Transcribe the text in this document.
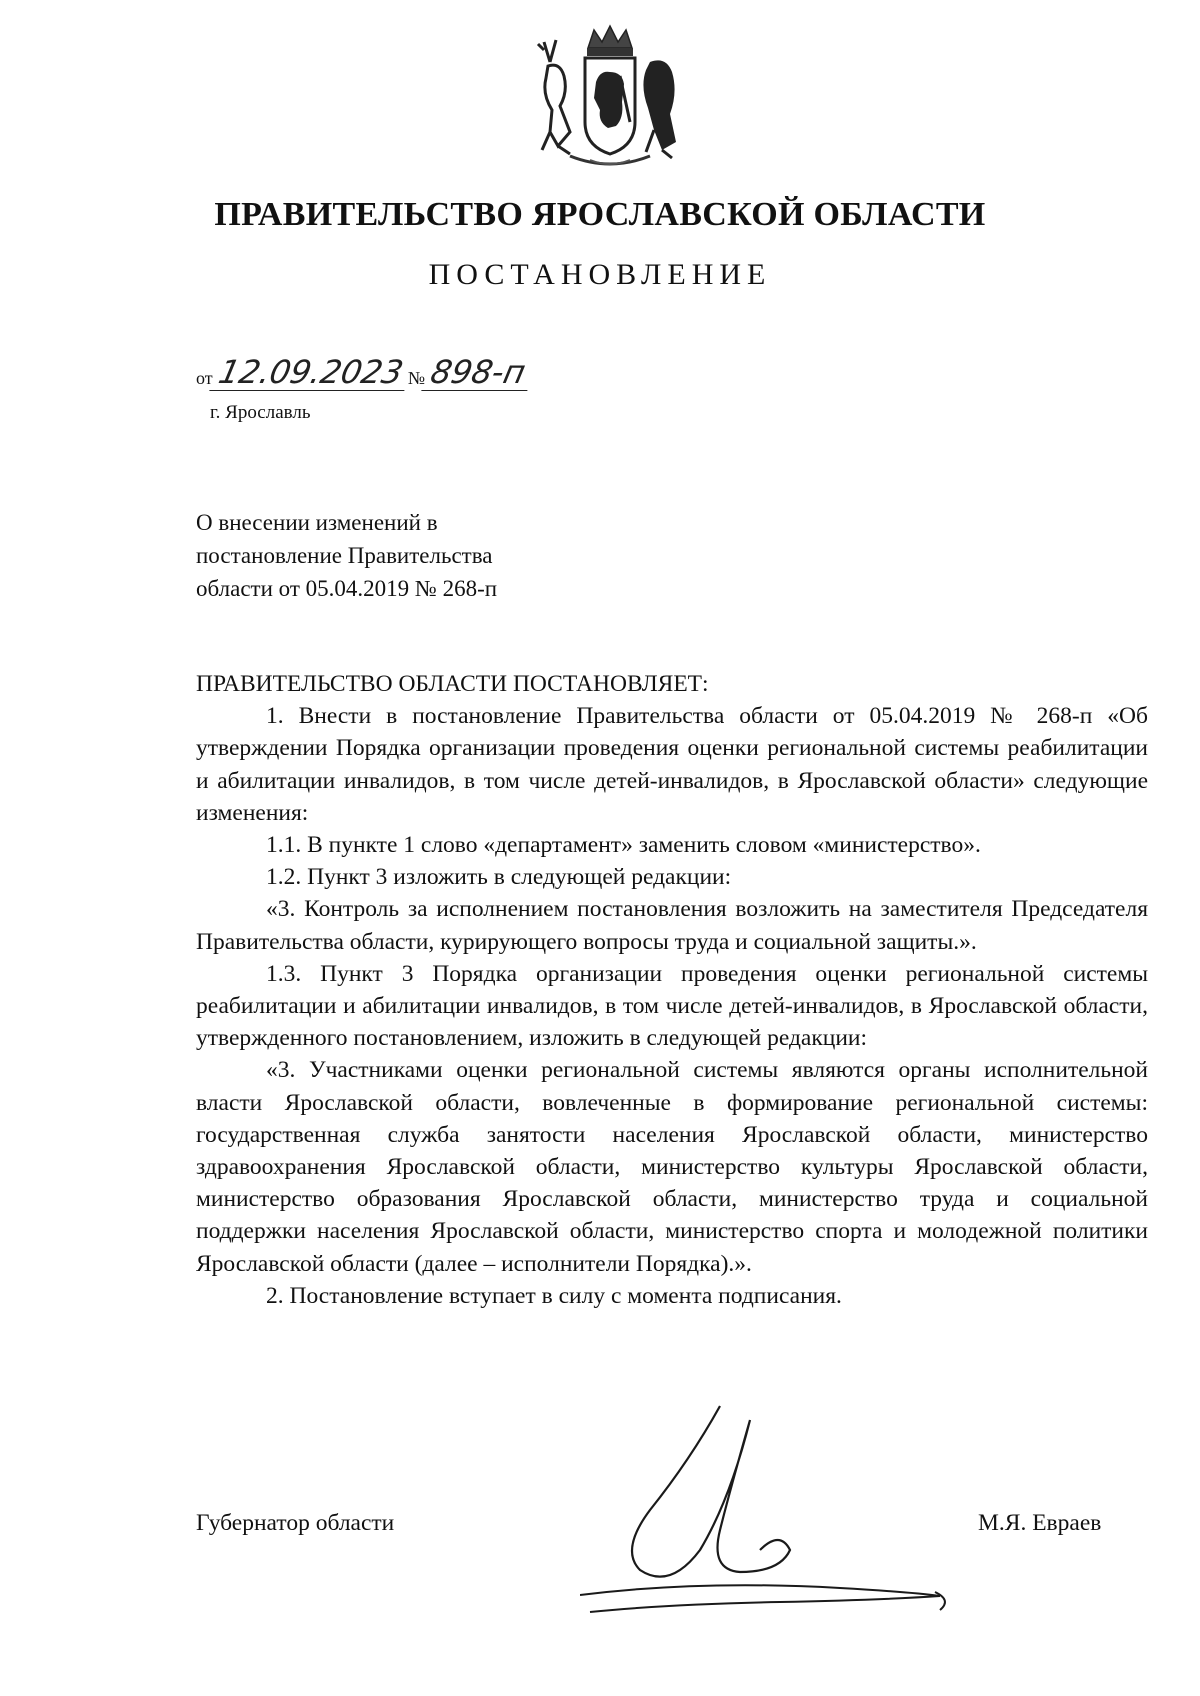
ПРАВИТЕЛЬСТВО ЯРОСЛАВСКОЙ ОБЛАСТИ
ПОСТАНОВЛЕНИЕ
от 12.09.2023 № 898-п
г. Ярославль
О внесении изменений в
постановление Правительства
области от 05.04.2019 № 268-п

ПРАВИТЕЛЬСТВО ОБЛАСТИ ПОСТАНОВЛЯЕТ:

1. Внести в постановление Правительства области от 05.04.2019 № 268-п «Об утверждении Порядка организации проведения оценки региональной системы реабилитации и абилитации инвалидов, в том числе детей-инвалидов, в Ярославской области» следующие изменения:

1.1. В пункте 1 слово «департамент» заменить словом «министерство».

1.2. Пункт 3 изложить в следующей редакции:

«3. Контроль за исполнением постановления возложить на заместителя Председателя Правительства области, курирующего вопросы труда и социальной защиты.».

1.3. Пункт 3 Порядка организации проведения оценки региональной системы реабилитации и абилитации инвалидов, в том числе детей-инвалидов, в Ярославской области, утвержденного постановлением, изложить в следующей редакции:

«3. Участниками оценки региональной системы являются органы исполнительной власти Ярославской области, вовлеченные в формирование региональной системы: государственная служба занятости населения Ярославской области, министерство здравоохранения Ярославской области, министерство культуры Ярославской области, министерство образования Ярославской области, министерство труда и социальной поддержки населения Ярославской области, министерство спорта и молодежной политики Ярославской области (далее – исполнители Порядка).».

2. Постановление вступает в силу с момента подписания.

Губернатор области	М.Я. Евраев
